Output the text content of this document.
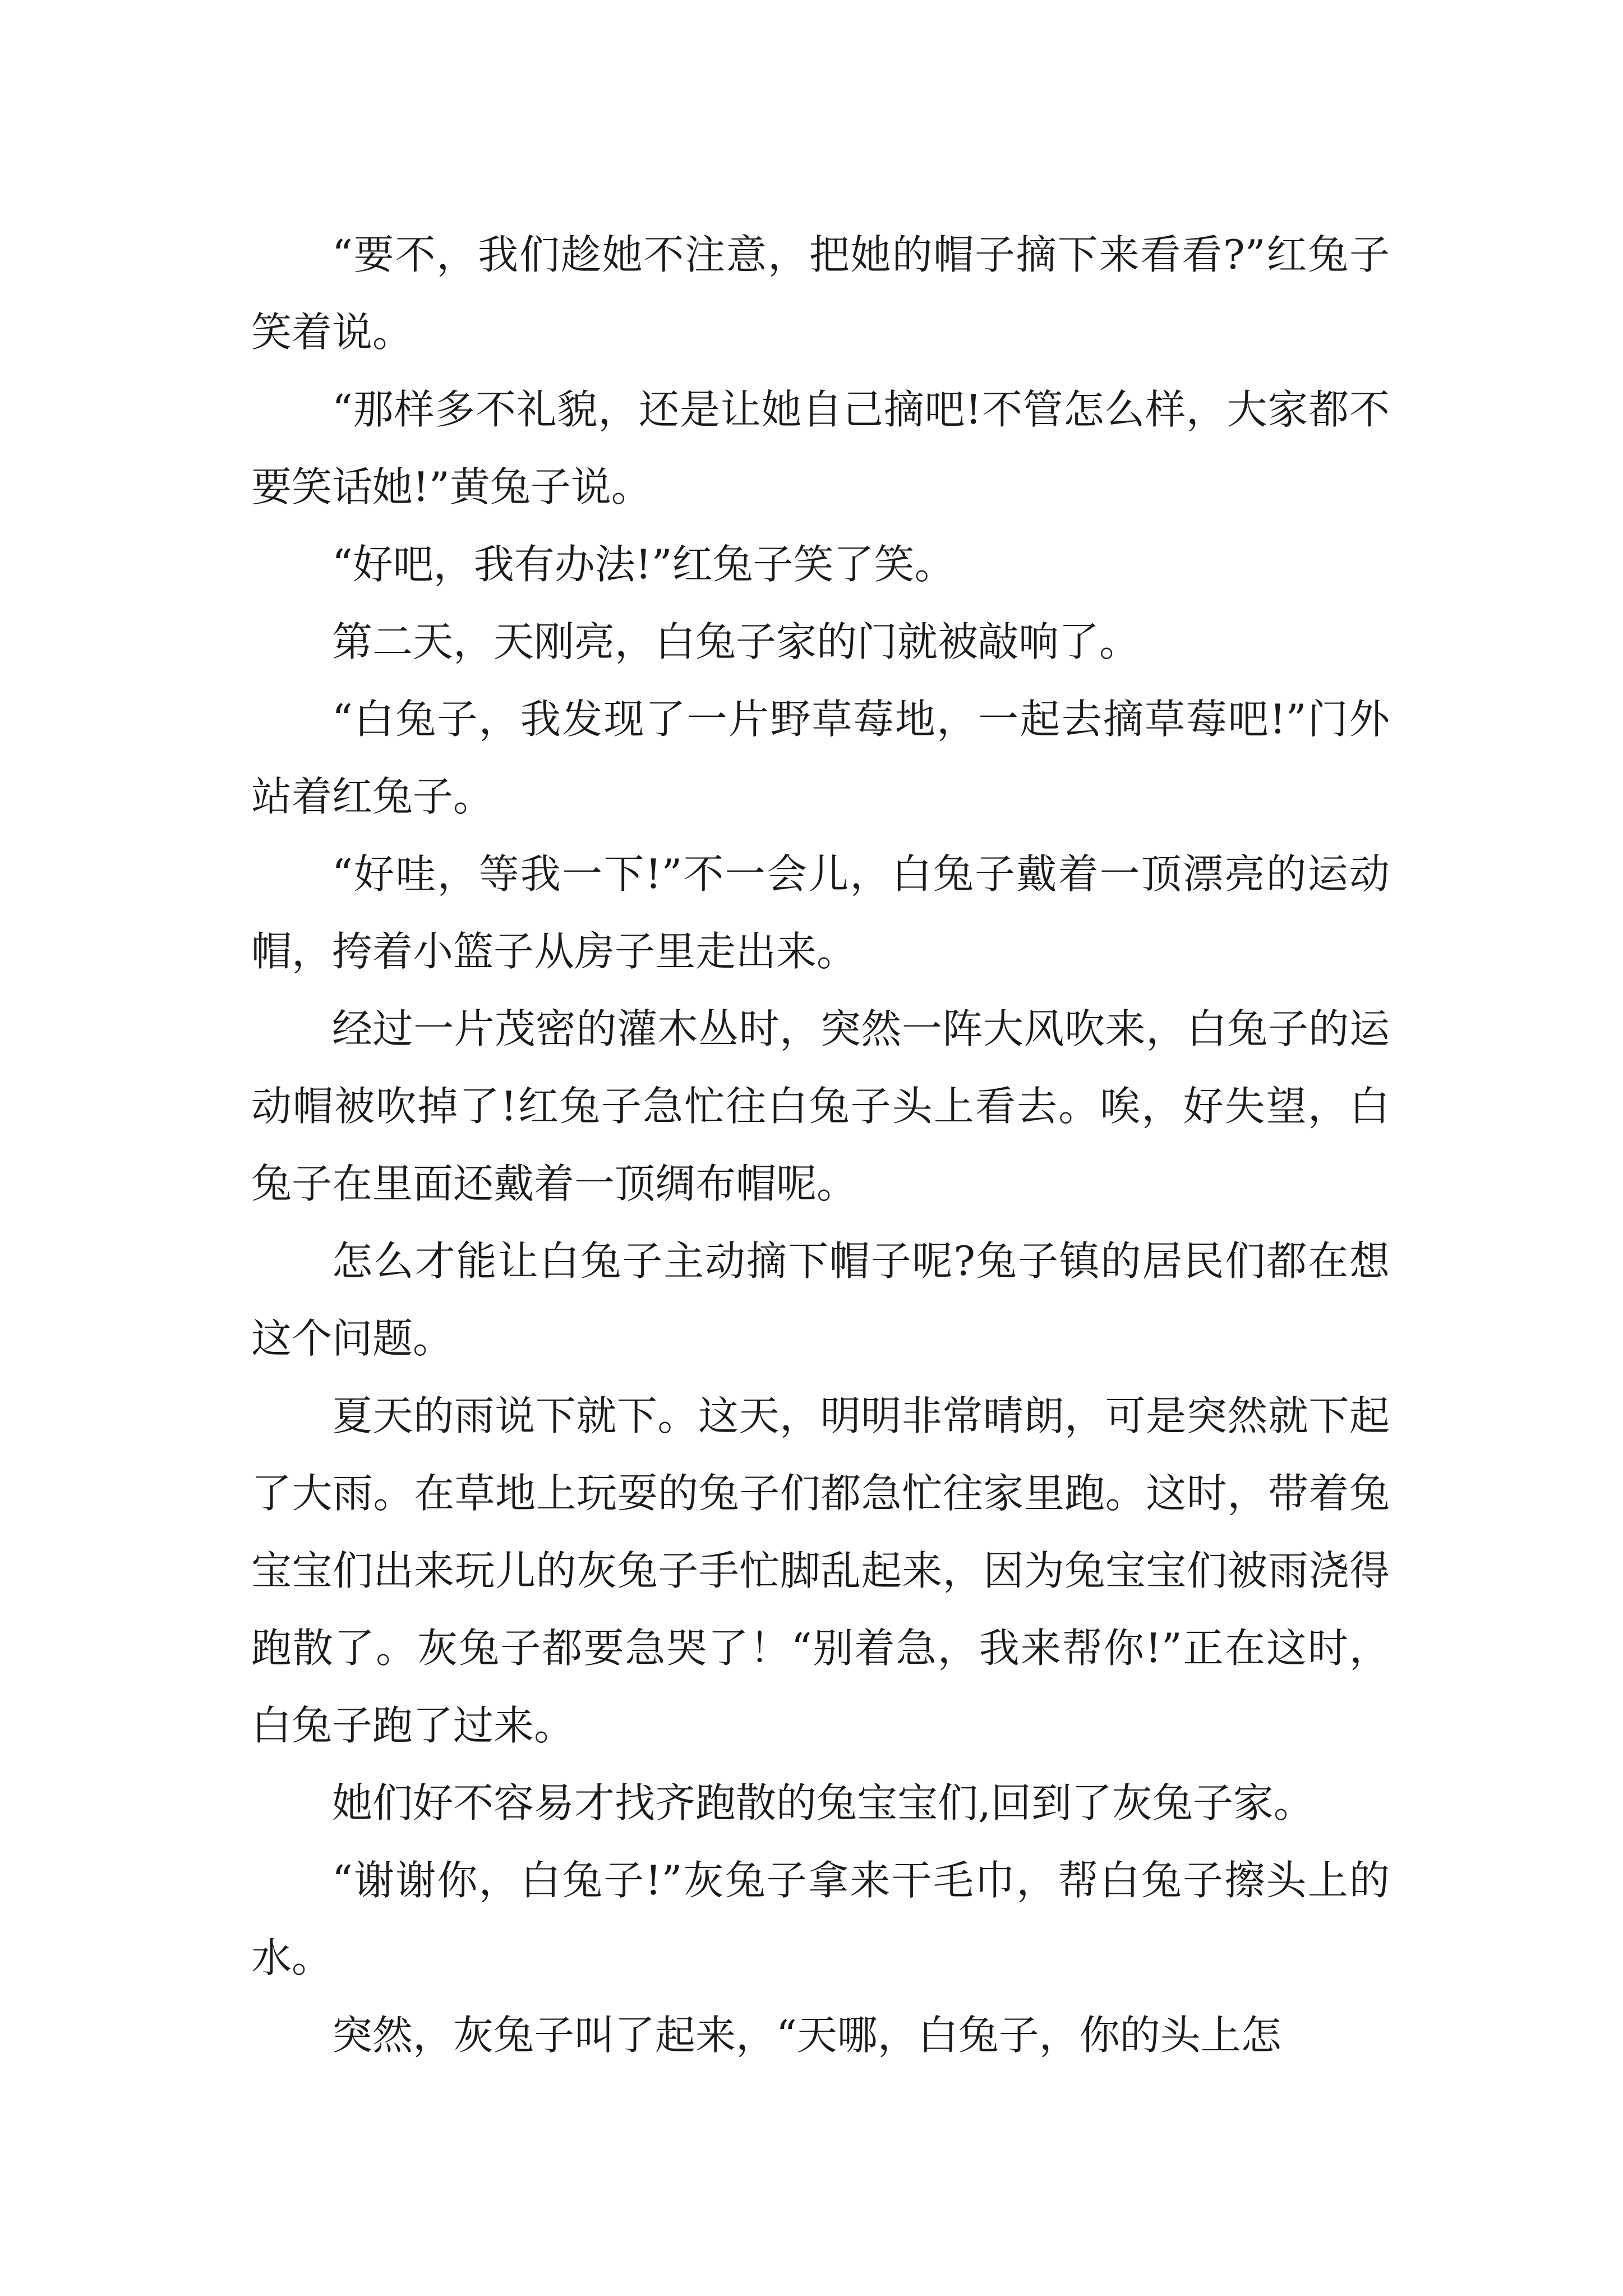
“要不，我们趁她不注意，把她的帽子摘下来看看?”红兔子笑着说。

“那样多不礼貌，还是让她自己摘吧!不管怎么样，大家都不要笑话她!”黄兔子说。

“好吧，我有办法!”红兔子笑了笑。

第二天，天刚亮，白兔子家的门就被敲响了。

“白兔子，我发现了一片野草莓地，一起去摘草莓吧!”门外站着红兔子。

“好哇，等我一下!”不一会儿，白兔子戴着一顶漂亮的运动帽，挎着小篮子从房子里走出来。

经过一片茂密的灌木丛时，突然一阵大风吹来，白兔子的运动帽被吹掉了!红兔子急忙往白兔子头上看去。唉，好失望，白兔子在里面还戴着一顶绸布帽呢。

怎么才能让白兔子主动摘下帽子呢?兔子镇的居民们都在想这个问题。

夏天的雨说下就下。这天，明明非常晴朗，可是突然就下起了大雨。在草地上玩耍的兔子们都急忙往家里跑。这时，带着兔宝宝们出来玩儿的灰兔子手忙脚乱起来，因为兔宝宝们被雨浇得跑散了。灰兔子都要急哭了！“别着急，我来帮你!”正在这时，白兔子跑了过来。

她们好不容易才找齐跑散的兔宝宝们,回到了灰兔子家。

“谢谢你，白兔子!”灰兔子拿来干毛巾，帮白兔子擦头上的水。

突然，灰兔子叫了起来，“天哪，白兔子，你的头上怎
